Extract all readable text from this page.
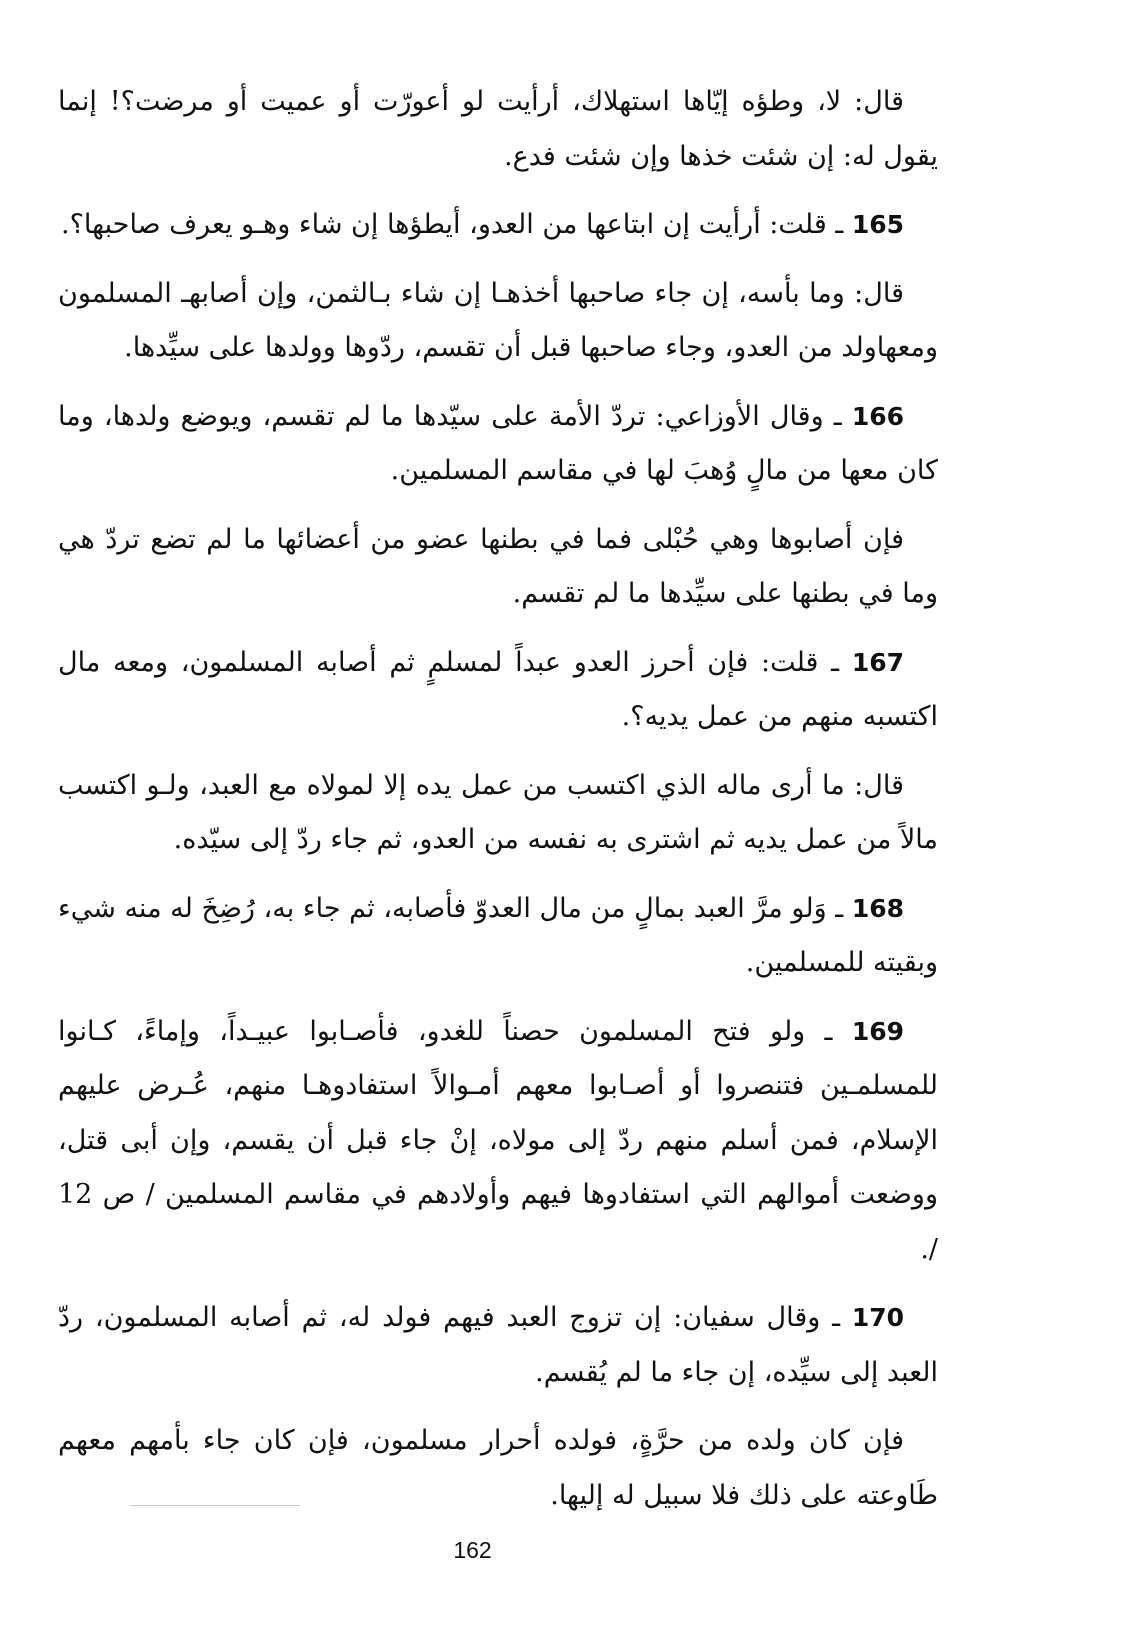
قال: لا، وطؤه إيّاها استهلاك، أرأيت لو أعورّت أو عميت أو مرضت؟! إنما يقول له: إن شئت خذها وإن شئت فدع.

165 ـ قلت: أرأيت إن ابتاعها من العدو، أيطؤها إن شاء وهـو يعرف صاحبها؟.

قال: وما بأسه، إن جاء صاحبها أخذهـا إن شاء بـالثمن، وإن أصابهـ المسلمون ومعهاولد من العدو، وجاء صاحبها قبل أن تقسم، ردّوها وولدها على سيِّدها.

166 ـ وقال الأوزاعي: تردّ الأمة على سيّدها ما لم تقسم، ويوضع ولدها، وما كان معها من مالٍ وُهبَ لها في مقاسم المسلمين.

فإن أصابوها وهي حُبْلى فما في بطنها عضو من أعضائها ما لم تضع تردّ هي وما في بطنها على سيِّدها ما لم تقسم.

167 ـ قلت: فإن أحرز العدو عبداً لمسلمٍ ثم أصابه المسلمون، ومعه مال اكتسبه منهم من عمل يديه؟.

قال: ما أرى ماله الذي اكتسب من عمل يده إلا لمولاه مع العبد، ولـو اكتسب مالاً من عمل يديه ثم اشترى به نفسه من العدو، ثم جاء ردّ إلى سيّده.

168 ـ وَلو مرَّ العبد بمالٍ من مال العدوّ فأصابه، ثم جاء به، رُضِخَ له منه شيء وبقيته للمسلمين.

169 ـ ولو فتح المسلمون حصناً للغدو، فأصـابوا عبيـداً، وإماءً، كـانوا للمسلمـين فتنصروا أو أصـابوا معهم أمـوالاً استفادوهـا منهم، عُـرض عليهم الإسلام، فمن أسلم منهم ردّ إلى مولاه، إنْ جاء قبل أن يقسم، وإن أبى قتل، ووضعت أموالهم التي استفادوها فيهم وأولادهم في مقاسم المسلمين / ص 12 /.

170 ـ وقال سفيان: إن تزوج العبد فيهم فولد له، ثم أصابه المسلمون، ردّ العبد إلى سيِّده، إن جاء ما لم يُقسم.

فإن كان ولده من حرَّةٍ، فولده أحرار مسلمون، فإن كان جاء بأمهم معهم طَاوعته على ذلك فلا سبيل له إليها.

162
